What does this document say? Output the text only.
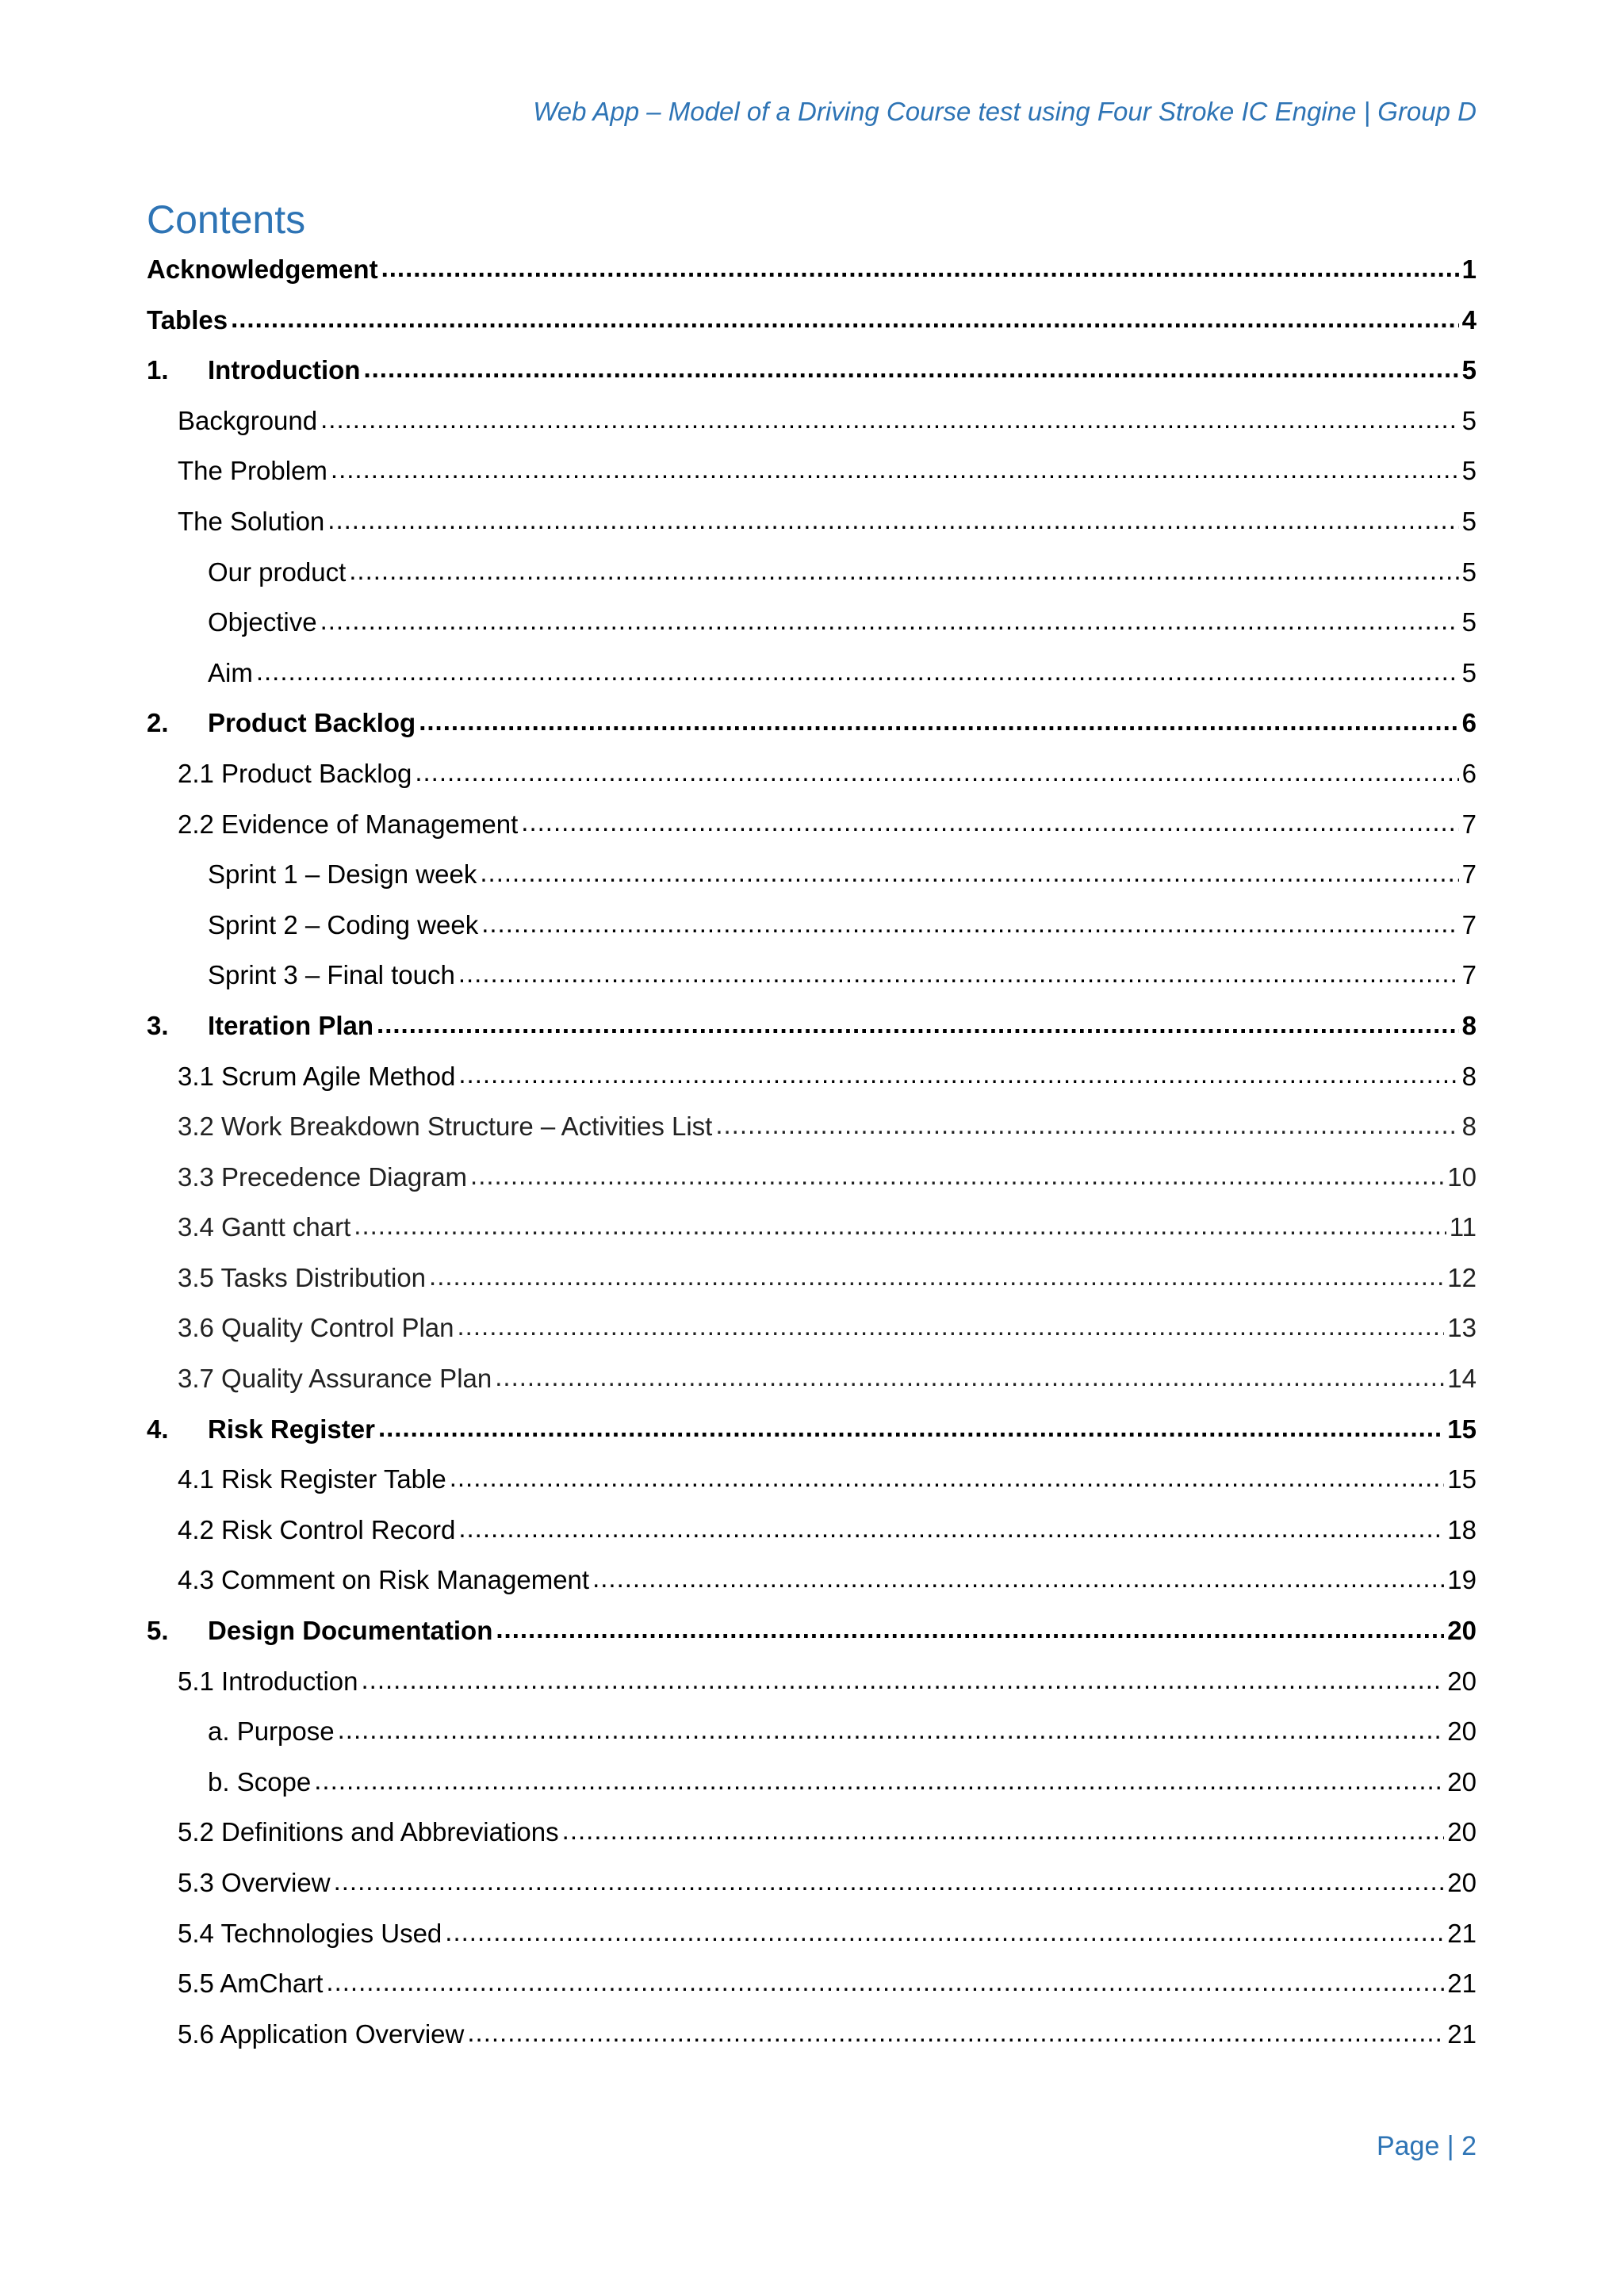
Web App – Model of a Driving Course test using Four Stroke IC Engine | Group D
Contents
Acknowledgement .....	1
Tables .....	4
1.	Introduction .....	5
Background .....	5
The Problem .....	5
The Solution .....	5
Our product .....	5
Objective .....	5
Aim .....	5
2.	Product Backlog .....	6
2.1 Product Backlog .....	6
2.2 Evidence of Management .....	7
Sprint 1 – Design week .....	7
Sprint 2 – Coding week .....	7
Sprint 3 – Final touch .....	7
3.	Iteration Plan .....	8
3.1 Scrum Agile Method .....	8
3.2 Work Breakdown Structure – Activities List .....	8
3.3 Precedence Diagram .....	10
3.4 Gantt chart .....	11
3.5 Tasks Distribution .....	12
3.6 Quality Control Plan .....	13
3.7 Quality Assurance Plan .....	14
4.	Risk Register .....	15
4.1 Risk Register Table .....	15
4.2 Risk Control Record .....	18
4.3 Comment on Risk Management .....	19
5.	Design Documentation .....	20
5.1 Introduction .....	20
a. Purpose .....	20
b. Scope .....	20
5.2 Definitions and Abbreviations .....	20
5.3 Overview .....	20
5.4 Technologies Used .....	21
5.5 AmChart .....	21
5.6 Application Overview .....	21
Page | 2
